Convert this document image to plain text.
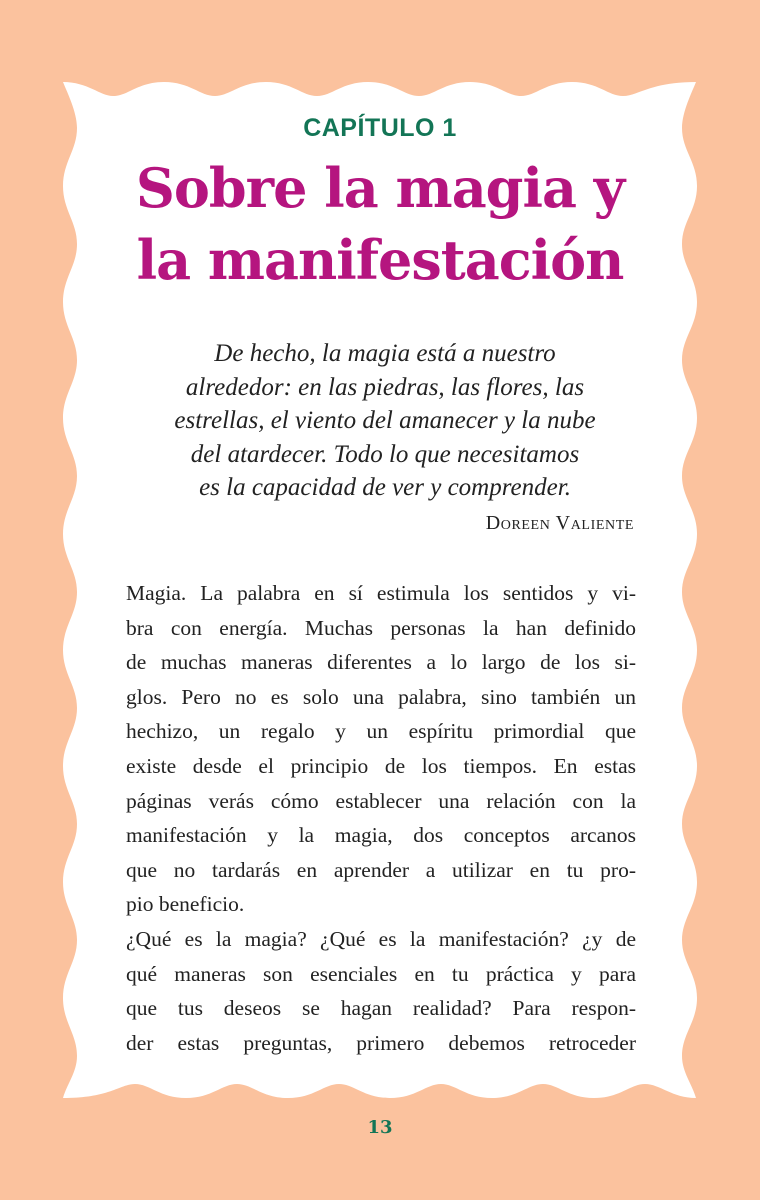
CAPÍTULO 1
Sobre la magia y
la manifestación
De hecho, la magia está a nuestro
alrededor: en las piedras, las flores, las
estrellas, el viento del amanecer y la nube
del atardecer. Todo lo que necesitamos
es la capacidad de ver y comprender.
Doreen Valiente
Magia. La palabra en sí estimula los sentidos y vi-
bra con energía. Muchas personas la han definido
de muchas maneras diferentes a lo largo de los si-
glos. Pero no es solo una palabra, sino también un
hechizo, un regalo y un espíritu primordial que
existe desde el principio de los tiempos. En estas
páginas verás cómo establecer una relación con la
manifestación y la magia, dos conceptos arcanos
que no tardarás en aprender a utilizar en tu pro-
pio beneficio.
¿Qué es la magia? ¿Qué es la manifestación? ¿y de
qué maneras son esenciales en tu práctica y para
que tus deseos se hagan realidad? Para respon-
der estas preguntas, primero debemos retroceder
13
